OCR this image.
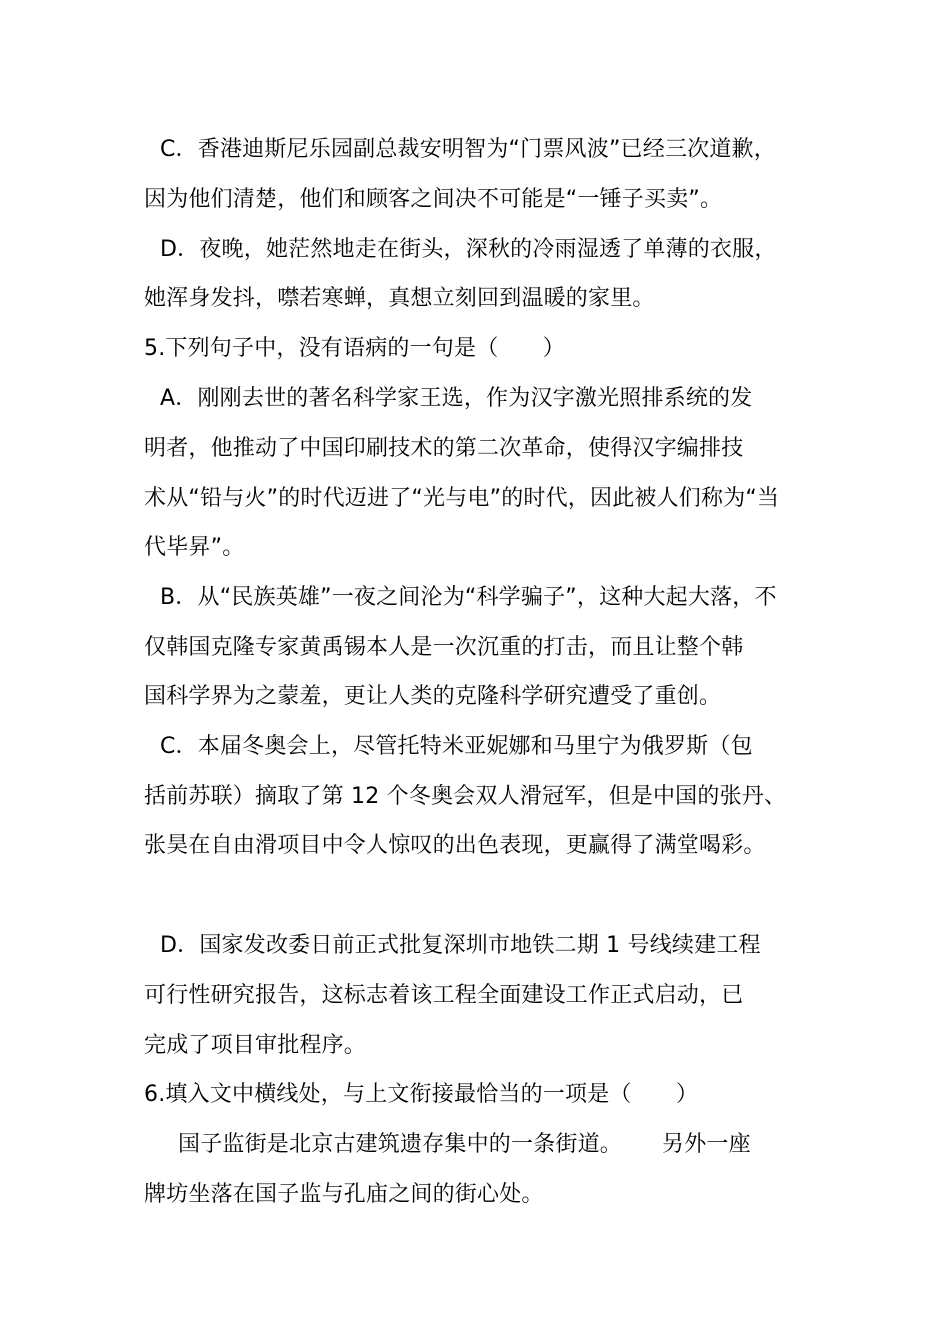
C．香港迪斯尼乐园副总裁安明智为“门票风波”已经三次道歉，
因为他们清楚，他们和顾客之间决不可能是“一锤子买卖”。
D．夜晚，她茫然地走在街头，深秋的冷雨湿透了单薄的衣服，
她浑身发抖，噤若寒蝉，真想立刻回到温暖的家里。
5.下列句子中，没有语病的一句是（　　）
A．刚刚去世的著名科学家王选，作为汉字激光照排系统的发
明者，他推动了中国印刷技术的第二次革命，使得汉字编排技
术从“铅与火”的时代迈进了“光与电”的时代，因此被人们称为“当
代毕昇”。
B．从“民族英雄”一夜之间沦为“科学骗子”，这种大起大落，不
仅韩国克隆专家黄禹锡本人是一次沉重的打击，而且让整个韩
国科学界为之蒙羞，更让人类的克隆科学研究遭受了重创。
C．本届冬奥会上，尽管托特米亚妮娜和马里宁为俄罗斯（包
括前苏联）摘取了第 12 个冬奥会双人滑冠军，但是中国的张丹、
张昊在自由滑项目中令人惊叹的出色表现，更赢得了满堂喝彩。
D．国家发改委日前正式批复深圳市地铁二期 1 号线续建工程
可行性研究报告，这标志着该工程全面建设工作正式启动，已
完成了项目审批程序。
6.填入文中横线处，与上文衔接最恰当的一项是（　　）
国子监街是北京古建筑遗存集中的一条街道。 另外一座
牌坊坐落在国子监与孔庙之间的街心处。
